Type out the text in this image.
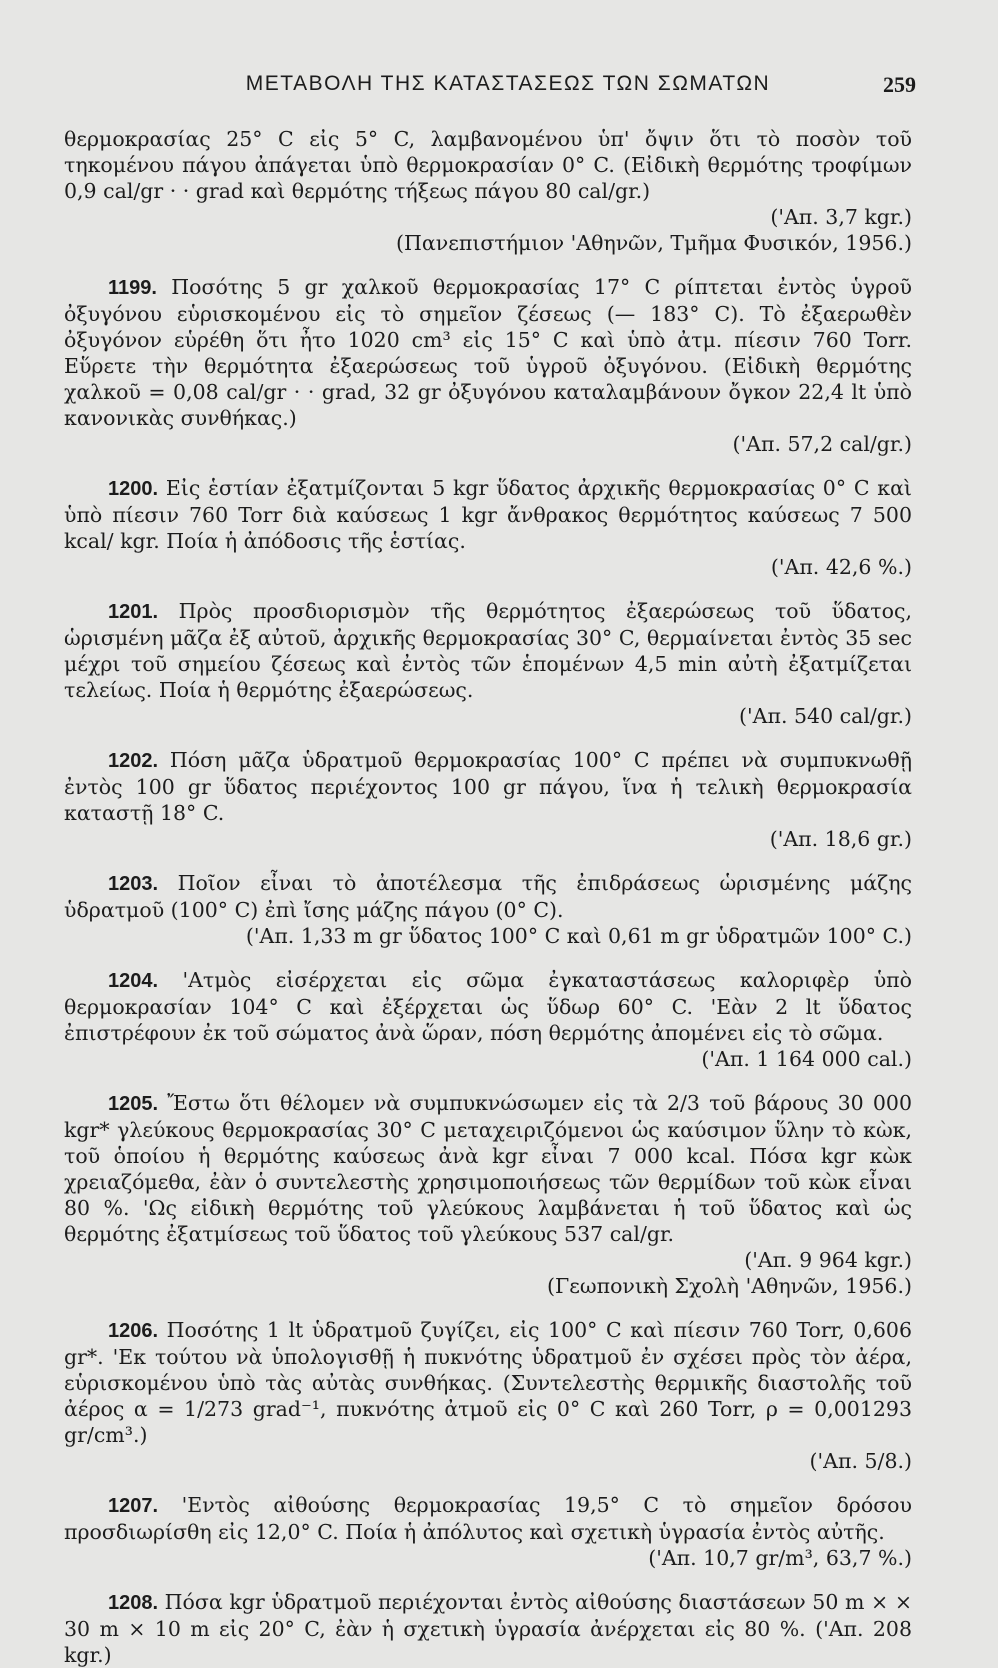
ΜΕΤΑΒΟΛΗ ΤΗΣ ΚΑΤΑΣΤΑΣΕΩΣ ΤΩΝ ΣΩΜΑΤΩΝ	259

θερμοκρασίας 25° C εἰς 5° C, λαμβανομένου ὑπ' ὄψιν ὅτι τὸ ποσὸν τοῦ τηκομένου πάγου ἀπάγεται ὑπὸ θερμοκρασίαν 0° C. (Εἰδικὴ θερμότης τροφίμων 0,9 cal/gr · · grad καὶ θερμότης τήξεως πάγου 80 cal/gr.)

('Απ. 3,7 kgr.)

(Πανεπιστήμιον 'Αθηνῶν, Τμῆμα Φυσικόν, 1956.)

1199. Ποσότης 5 gr χαλκοῦ θερμοκρασίας 17° C ρίπτεται ἐντὸς ὑγροῦ ὀξυγόνου εὑρισκομένου εἰς τὸ σημεῖον ζέσεως (— 183° C). Τὸ ἐξαερωθὲν ὀξυγόνον εὑρέθη ὅτι ἦτο 1020 cm³ εἰς 15° C καὶ ὑπὸ ἀτμ. πίεσιν 760 Torr. Εὕρετε τὴν θερμότητα ἐξαερώσεως τοῦ ὑγροῦ ὀξυγόνου. (Εἰδικὴ θερμότης χαλκοῦ = 0,08 cal/gr · · grad, 32 gr ὀξυγόνου καταλαμβάνουν ὄγκον 22,4 lt ὑπὸ κανονικὰς συνθήκας.)

('Απ. 57,2 cal/gr.)

1200. Εἰς ἑστίαν ἐξατμίζονται 5 kgr ὕδατος ἀρχικῆς θερμοκρασίας 0° C καὶ ὑπὸ πίεσιν 760 Torr διὰ καύσεως 1 kgr ἄνθρακος θερμότητος καύσεως 7 500 kcal/ kgr. Ποία ἡ ἀπόδοσις τῆς ἑστίας.

('Απ. 42,6 %.)

1201. Πρὸς προσδιορισμὸν τῆς θερμότητος ἐξαερώσεως τοῦ ὕδατος, ὡρισμένη μᾶζα ἐξ αὐτοῦ, ἀρχικῆς θερμοκρασίας 30° C, θερμαίνεται ἐντὸς 35 sec μέχρι τοῦ σημείου ζέσεως καὶ ἐντὸς τῶν ἑπομένων 4,5 min αὐτὴ ἐξατμίζεται τελείως. Ποία ἡ θερμότης ἐξαερώσεως.

('Απ. 540 cal/gr.)

1202. Πόση μᾶζα ὑδρατμοῦ θερμοκρασίας 100° C πρέπει νὰ συμπυκνωθῇ ἐντὸς 100 gr ὕδατος περιέχοντος 100 gr πάγου, ἵνα ἡ τελικὴ θερμοκρασία καταστῇ 18° C.

('Απ. 18,6 gr.)

1203. Ποῖον εἶναι τὸ ἀποτέλεσμα τῆς ἐπιδράσεως ὡρισμένης μάζης ὑδρατμοῦ (100° C) ἐπὶ ἴσης μάζης πάγου (0° C).

('Απ. 1,33 m gr ὕδατος 100° C καὶ 0,61 m gr ὑδρατμῶν 100° C.)

1204. 'Ατμὸς εἰσέρχεται εἰς σῶμα ἐγκαταστάσεως καλοριφὲρ ὑπὸ θερμοκρασίαν 104° C καὶ ἐξέρχεται ὡς ὕδωρ 60° C. 'Εὰν 2 lt ὕδατος ἐπιστρέφουν ἐκ τοῦ σώματος ἀνὰ ὥραν, πόση θερμότης ἀπομένει εἰς τὸ σῶμα.

('Απ. 1 164 000 cal.)

1205. Ἔστω ὅτι θέλομεν νὰ συμπυκνώσωμεν εἰς τὰ 2/3 τοῦ βάρους 30 000 kgr* γλεύκους θερμοκρασίας 30° C μεταχειριζόμενοι ὡς καύσιμον ὕλην τὸ κὼκ, τοῦ ὁποίου ἡ θερμότης καύσεως ἀνὰ kgr εἶναι 7 000 kcal. Πόσα kgr κὼκ χρειαζόμεθα, ἐὰν ὁ συντελεστὴς χρησιμοποιήσεως τῶν θερμίδων τοῦ κὼκ εἶναι 80 %. 'Ως εἰδικὴ θερμότης τοῦ γλεύκους λαμβάνεται ἡ τοῦ ὕδατος καὶ ὡς θερμότης ἐξατμίσεως τοῦ ὕδατος τοῦ γλεύκους 537 cal/gr.

('Απ. 9 964 kgr.)

(Γεωπονικὴ Σχολὴ 'Αθηνῶν, 1956.)

1206. Ποσότης 1 lt ὑδρατμοῦ ζυγίζει, εἰς 100° C καὶ πίεσιν 760 Torr, 0,606 gr*. 'Εκ τούτου νὰ ὑπολογισθῇ ἡ πυκνότης ὑδρατμοῦ ἐν σχέσει πρὸς τὸν ἀέρα, εὑρισκομένου ὑπὸ τὰς αὐτὰς συνθήκας. (Συντελεστὴς θερμικῆς διαστολῆς τοῦ ἀέρος α = 1/273 grad⁻¹, πυκνότης ἀτμοῦ εἰς 0° C καὶ 260 Torr, ρ = 0,001293 gr/cm³.)

('Απ. 5/8.)

1207. 'Εντὸς αἰθούσης θερμοκρασίας 19,5° C τὸ σημεῖον δρόσου προσδιωρίσθη εἰς 12,0° C. Ποία ἡ ἀπόλυτος καὶ σχετικὴ ὑγρασία ἐντὸς αὐτῆς.

('Απ. 10,7 gr/m³, 63,7 %.)

1208. Πόσα kgr ὑδρατμοῦ περιέχονται ἐντὸς αἰθούσης διαστάσεων 50 m × × 30 m × 10 m εἰς 20° C, ἐὰν ἡ σχετικὴ ὑγρασία ἀνέρχεται εἰς 80 %. ('Απ. 208 kgr.)
